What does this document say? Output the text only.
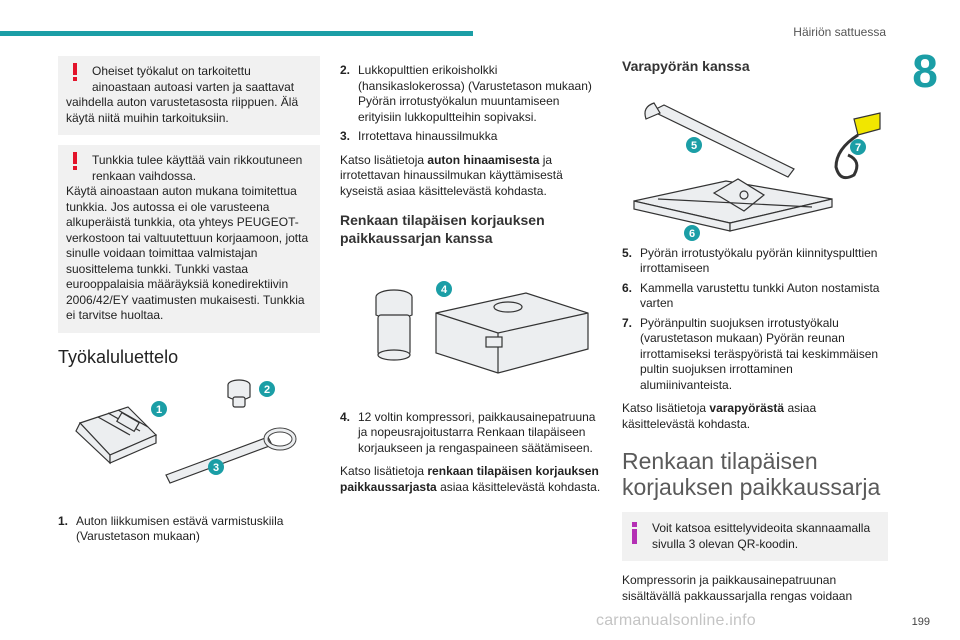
Häiriön sattuessa
8
Oheiset työkalut on tarkoitettu ainoastaan autoasi varten ja saattavat
vaihdella auton varustetasosta riippuen. Älä käytä niitä muihin tarkoituksiin.
Tunkkia tulee käyttää vain rikkoutuneen renkaan vaihdossa.
Käytä ainoastaan auton mukana toimitettua tunkkia. Jos autossa ei ole varusteena alkuperäistä tunkkia, ota yhteys PEUGEOT-verkostoon tai valtuutettuun korjaamoon, jotta sinulle voidaan toimittaa valmistajan suosittelema tunkki. Tunkki vastaa eurooppalaisia määräyksiä konedirektiivin 2006/42/EY vaatimusten mukaisesti. Tunkkia ei tarvitse huoltaa.
Työkaluluettelo
1
2
3
1. Auton liikkumisen estävä varmistuskiila (Varustetason mukaan)
2. Lukkopulttien erikoisholkki (hansikaslokerossa) (Varustetason mukaan) Pyörän irrotustyökalun muuntamiseen erityisiin lukkopultteihin sopivaksi.
3. Irrotettava hinaussilmukka
Katso lisätietoja auton hinaamisesta ja irrotettavan hinaussilmukan käyttämisestä kyseistä asiaa käsittelevästä kohdasta.
Renkaan tilapäisen korjauksen paikkaussarjan kanssa
4
4. 12 voltin kompressori, paikkausainepatruuna ja nopeusrajoitustarra Renkaan tilapäiseen korjaukseen ja rengaspaineen säätämiseen.
Katso lisätietoja renkaan tilapäisen korjauksen paikkaussarjasta asiaa käsittelevästä kohdasta.
Varapyörän kanssa
5
6
7
5. Pyörän irrotustyökalu pyörän kiinnityspulttien irrottamiseen
6. Kammella varustettu tunkki Auton nostamista varten
7. Pyöränpultin suojuksen irrotustyökalu (varustetason mukaan) Pyörän reunan irrottamiseksi teräspyöristä tai keskimmäisen pultin suojuksen irrottaminen alumiinivanteista.
Katso lisätietoja varapyörästä asiaa käsittelevästä kohdasta.
Renkaan tilapäisen korjauksen paikkaussarja
Voit katsoa esittelyvideoita skannaamalla
sivulla 3 olevan QR-koodin.
Kompressorin ja paikkausainepatruunan sisältävällä pakkaussarjalla rengas voidaan
carmanualsonline.info	199
